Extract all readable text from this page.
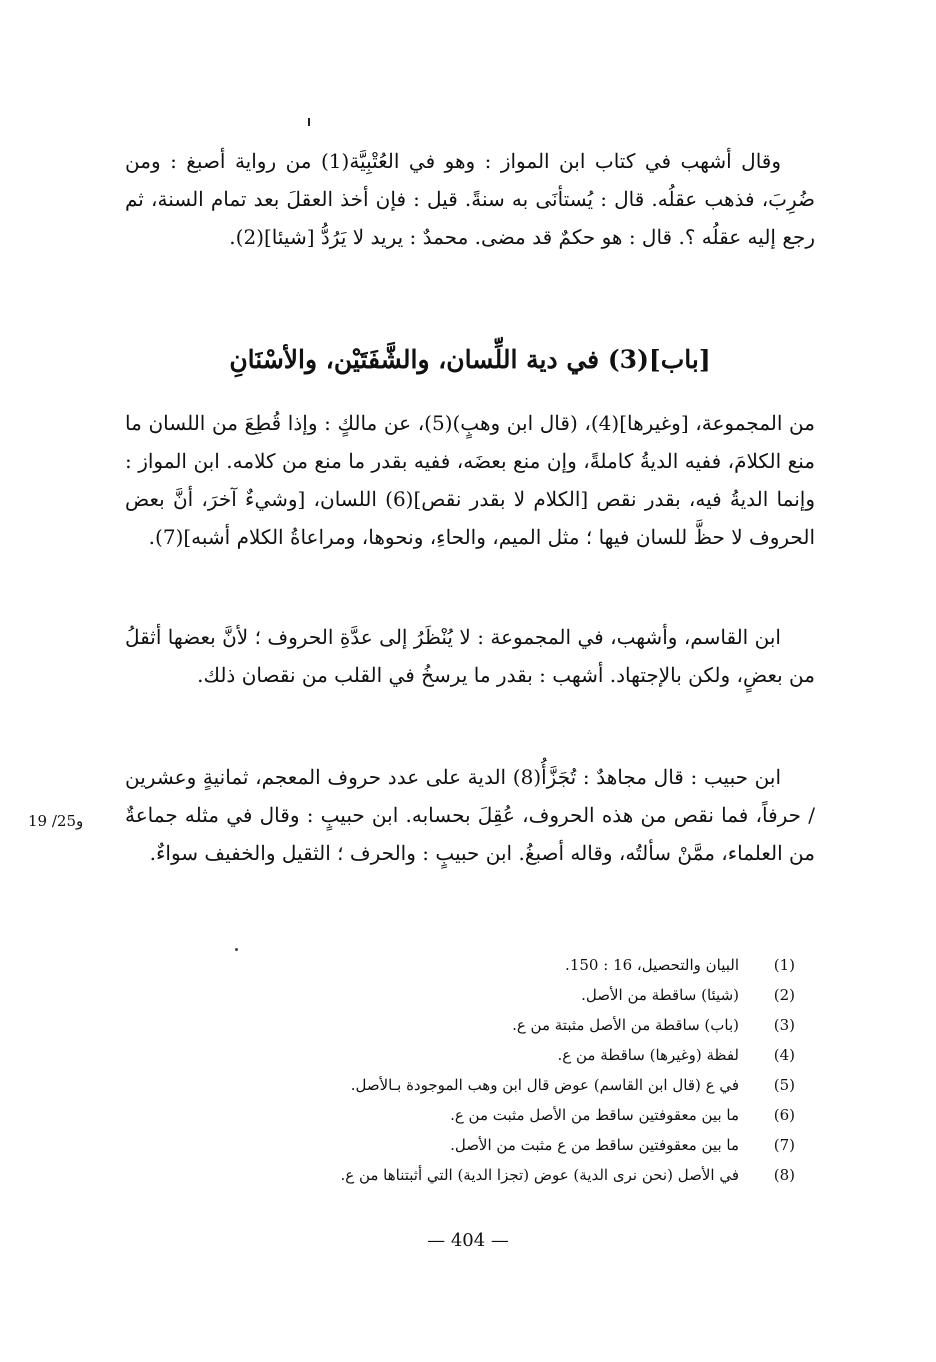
وقال أشهب في كتاب ابن المواز : وهو في العُتْبِيَّة(1) من رواية أصبغ : ومن ضُرِبَ، فذهب عقلُه. قال : يُستأنَى به سنةً. قيل : فإن أخذ العقلَ بعد تمام السنة، ثم رجع إليه عقلُه ؟. قال : هو حكمٌ قد مضى. محمدٌ : يريد لا يَرُدُّ [شيئا](2).

[باب](3) في دية اللِّسان، والشَّفَتَيْن، والأسْنَانِ

من المجموعة، [وغيرها](4)، (قال ابن وهبٍ)(5)، عن مالكٍ : وإذا قُطِعَ من اللسان ما منع الكلامَ، ففيه الديةُ كاملةً، وإن منع بعضَه، ففيه بقدر ما منع من كلامه. ابن المواز : وإنما الديةُ فيه، بقدر نقص [الكلام لا بقدر نقص](6) اللسان، [وشيءٌ آخرَ، أنَّ بعض الحروف لا حظَّ للسان فيها ؛ مثل الميم، والحاءِ، ونحوها، ومراعاةُ الكلام أشبه](7).

ابن القاسم، وأشهب، في المجموعة : لا يُنْظَرُ إلى عدَّةِ الحروف ؛ لأنَّ بعضها أثقلُ من بعضٍ، ولكن بالإجتهاد. أشهب : بقدر ما يرسخُ في القلب من نقصان ذلك.

ابن حبيب : قال مجاهدٌ : تُجَزَّأُ(8) الدية على عدد حروف المعجم، ثمانيةٍ وعشرين / حرفاً، فما نقص من هذه الحروف، عُقِلَ بحسابه. ابن حبيبٍ : وقال في مثله جماعةٌ من العلماء، ممَّنْ سألتُه، وقاله أصبغُ. ابن حبيبٍ : والحرف ؛ الثقيل والخفيف سواءٌ.

19 /25و
(1)
البيان والتحصيل، 16 : 150.
(2)
(شيئا) ساقطة من الأصل.
(3)
(باب) ساقطة من الأصل مثبتة من ع.
(4)
لفظة (وغيرها) ساقطة من ع.
(5)
في ع (قال ابن القاسم) عوض قال ابن وهب الموجودة بـالأصل.
(6)
ما بين معقوفتين ساقط من الأصل مثبت من ع.
(7)
ما بين معقوفتين ساقط من ع مثبت من الأصل.
(8)
في الأصل (نحن نرى الدية) عوض (تجزا الدية) التي أثبتناها من ع.
— 404 —
